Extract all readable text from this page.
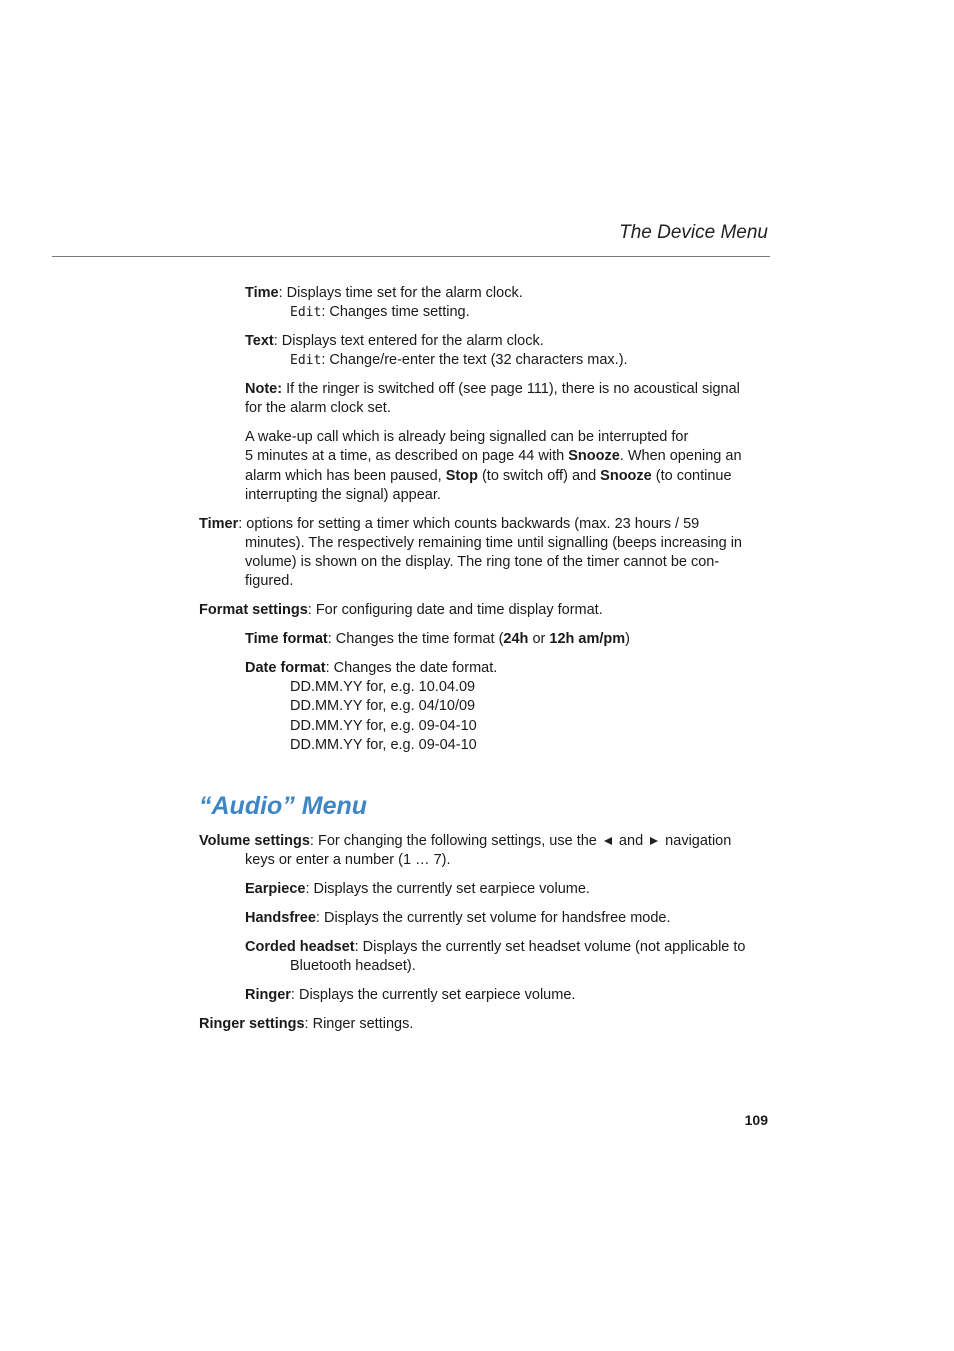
The Device Menu
Time: Displays time set for the alarm clock.
Edit: Changes time setting.
Text: Displays text entered for the alarm clock.
Edit: Change/re-enter the text (32 characters max.).
Note: If the ringer is switched off (see page 111), there is no acoustical signal
for the alarm clock set.
A wake-up call which is already being signalled can be interrupted for
5 minutes at a time, as described on page 44 with Snooze. When opening an
alarm which has been paused, Stop (to switch off) and Snooze (to continue
interrupting the signal) appear.
Timer: options for setting a timer which counts backwards (max. 23 hours / 59
minutes). The respectively remaining time until signalling (beeps increasing in
volume) is shown on the display. The ring tone of the timer cannot be con-
figured.
Format settings: For configuring date and time display format.
Time format: Changes the time format (24h or 12h am/pm)
Date format: Changes the date format.
DD.MM.YY for, e.g. 10.04.09
DD.MM.YY for, e.g. 04/10/09
DD.MM.YY for, e.g. 09-04-10
DD.MM.YY for, e.g. 09-04-10
“Audio” Menu
Volume settings: For changing the following settings, use the  and  navigation
keys or enter a number (1 … 7).
Earpiece: Displays the currently set earpiece volume.
Handsfree: Displays the currently set volume for handsfree mode.
Corded headset: Displays the currently set headset volume (not applicable to
Bluetooth headset).
Ringer: Displays the currently set earpiece volume.
Ringer settings: Ringer settings.
109
